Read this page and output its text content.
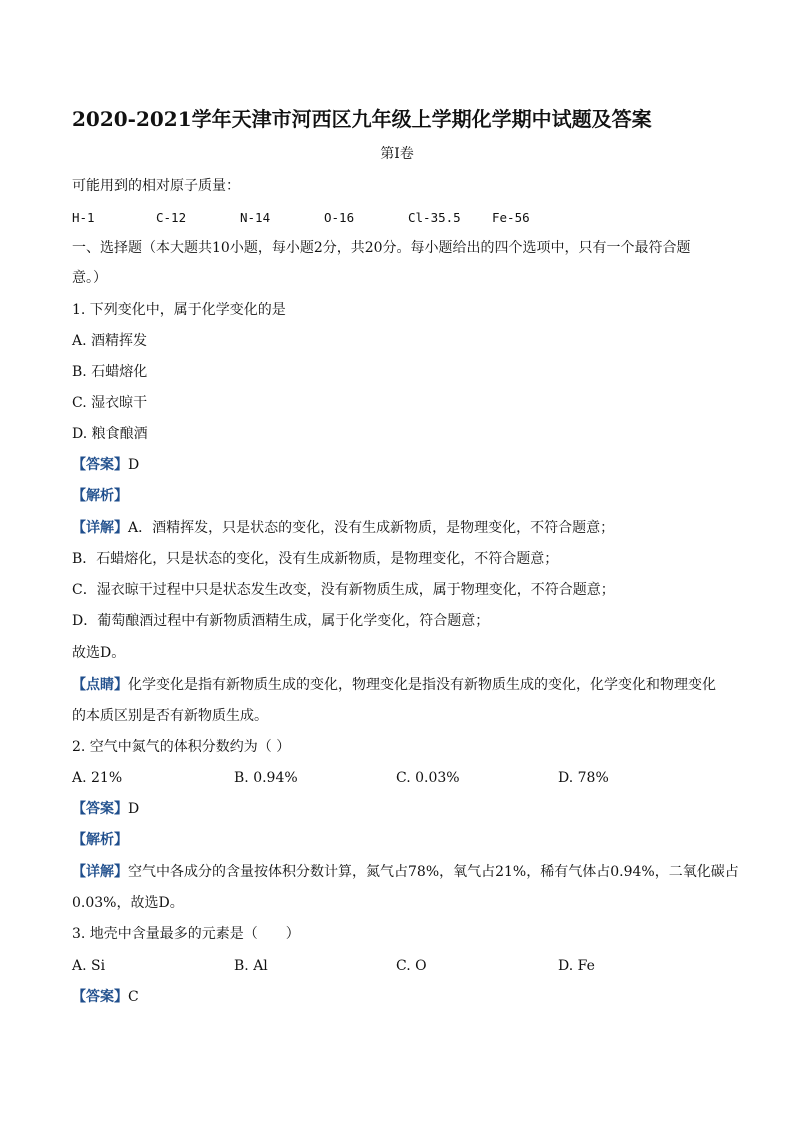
2020-2021学年天津市河西区九年级上学期化学期中试题及答案
第Ⅰ卷
可能用到的相对原子质量：
H-1	C-12	N-14	O-16	Cl-35.5	Fe-56
一、选择题（本大题共10小题，每小题2分，共20分。每小题给出的四个选项中，只有一个最符合题
意。）
1. 下列变化中，属于化学变化的是
A. 酒精挥发
B. 石蜡熔化
C. 湿衣晾干
D. 粮食酿酒
【答案】D
【解析】
【详解】A．酒精挥发，只是状态的变化，没有生成新物质，是物理变化，不符合题意；
B．石蜡熔化，只是状态的变化，没有生成新物质，是物理变化，不符合题意；
C．湿衣晾干过程中只是状态发生改变，没有新物质生成，属于物理变化，不符合题意；
D．葡萄酿酒过程中有新物质酒精生成，属于化学变化，符合题意；
故选D。
【点睛】化学变化是指有新物质生成的变化，物理变化是指没有新物质生成的变化，化学变化和物理变化
的本质区别是否有新物质生成。
2. 空气中氮气的体积分数约为（ ）
A. 21%	B. 0.94%	C. 0.03%	D. 78%
【答案】D
【解析】
【详解】空气中各成分的含量按体积分数计算，氮气占78%，氧气占21%，稀有气体占0.94%，二氧化碳占
0.03%，故选D。
3. 地壳中含量最多的元素是（　　）
A. Si	B. Al	C. O	D. Fe
【答案】C
